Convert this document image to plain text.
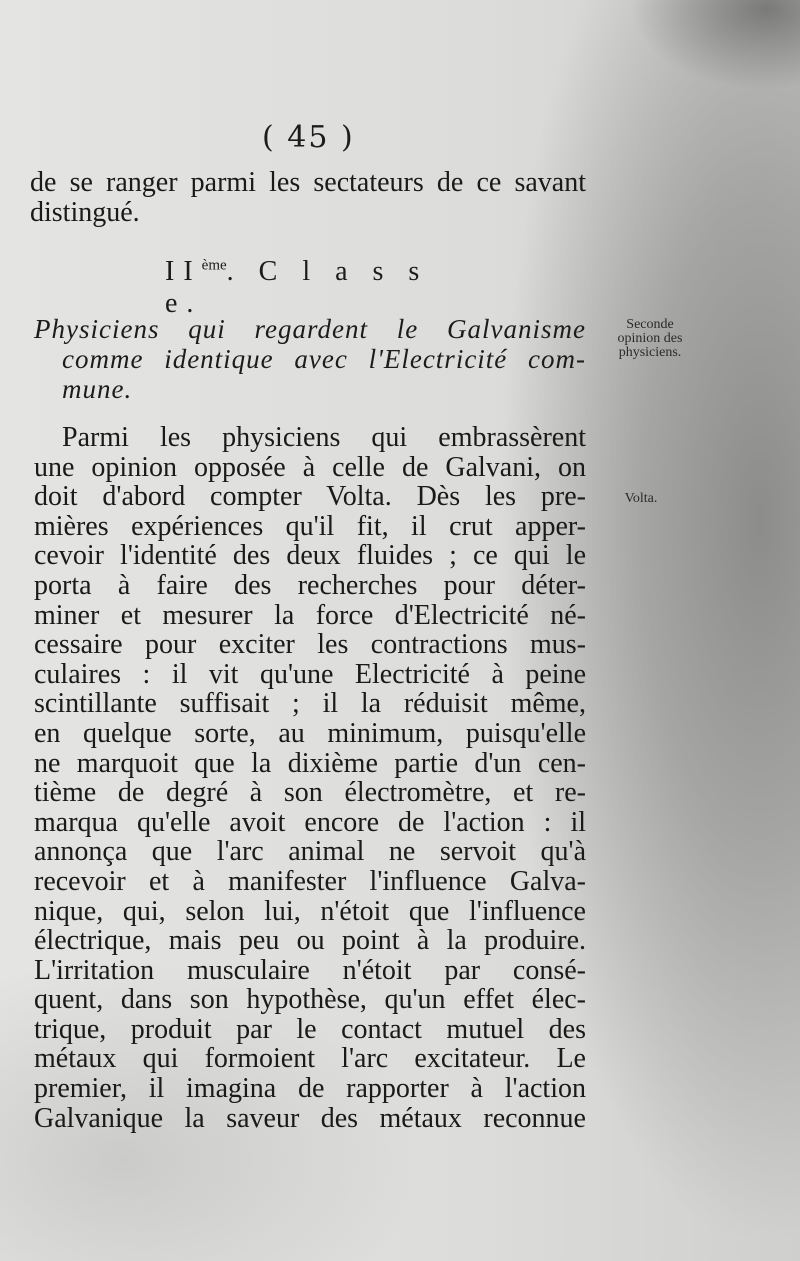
( 45 )
de se ranger parmi les sectateurs de ce savant
distingué.
IIème. C l a s s e.
Physiciens qui regardent le Galvanisme
comme identique avec l'Electricité com-
mune.
Seconde
opinion des
physiciens.
Volta.
Parmi les physiciens qui embrassèrent
une opinion opposée à celle de Galvani, on
doit d'abord compter Volta. Dès les pre-
mières expériences qu'il fit, il crut apper-
cevoir l'identité des deux fluides ; ce qui le
porta à faire des recherches pour déter-
miner et mesurer la force d'Electricité né-
cessaire pour exciter les contractions mus-
culaires : il vit qu'une Electricité à peine
scintillante suffisait ; il la réduisit même,
en quelque sorte, au minimum, puisqu'elle
ne marquoit que la dixième partie d'un cen-
tième de degré à son électromètre, et re-
marqua qu'elle avoit encore de l'action : il
annonça que l'arc animal ne servoit qu'à
recevoir et à manifester l'influence Galva-
nique, qui, selon lui, n'étoit que l'influence
électrique, mais peu ou point à la produire.
L'irritation musculaire n'étoit par consé-
quent, dans son hypothèse, qu'un effet élec-
trique, produit par le contact mutuel des
métaux qui formoient l'arc excitateur. Le
premier, il imagina de rapporter à l'action
Galvanique la saveur des métaux reconnue
